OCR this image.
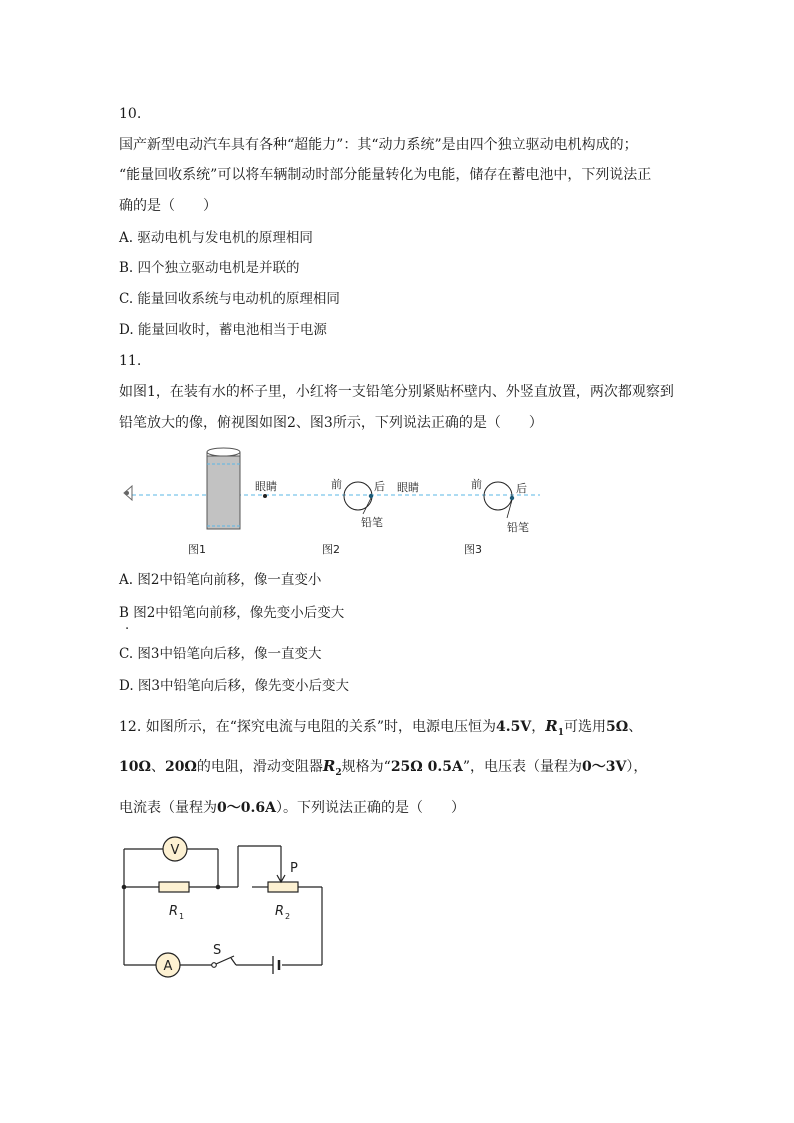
10.
国产新型电动汽车具有各种“超能力”：其“动力系统”是由四个独立驱动电机构成的；
“能量回收系统”可以将车辆制动时部分能量转化为电能，储存在蓄电池中，下列说法正
确的是（　　）
A. 驱动电机与发电机的原理相同
B. 四个独立驱动电机是并联的
C. 能量回收系统与电动机的原理相同
D. 能量回收时，蓄电池相当于电源
11.
如图1，在装有水的杯子里，小红将一支铅笔分别紧贴杯壁内、外竖直放置，两次都观察到
铅笔放大的像，俯视图如图2、图3所示，下列说法正确的是（　　）
眼睛	前	后
铅笔
眼睛	前	后
铅笔
图1	图2	图3
A. 图2中铅笔向前移，像一直变小
B 图2中铅笔向前移，像先变小后变大
.
C. 图3中铅笔向后移，像一直变大
D. 图3中铅笔向后移，像先变小后变大
12. 如图所示，在“探究电流与电阻的关系”时，电源电压恒为4.5V，$R_1$可选用5Ω、
10Ω、20Ω的电阻，滑动变阻器$R_2$规格为“25Ω 0.5A”，电压表（量程为0～3V），
电流表（量程为0～0.6A）。下列说法正确的是（　　）
V
R 1
P
R 2
A
S
